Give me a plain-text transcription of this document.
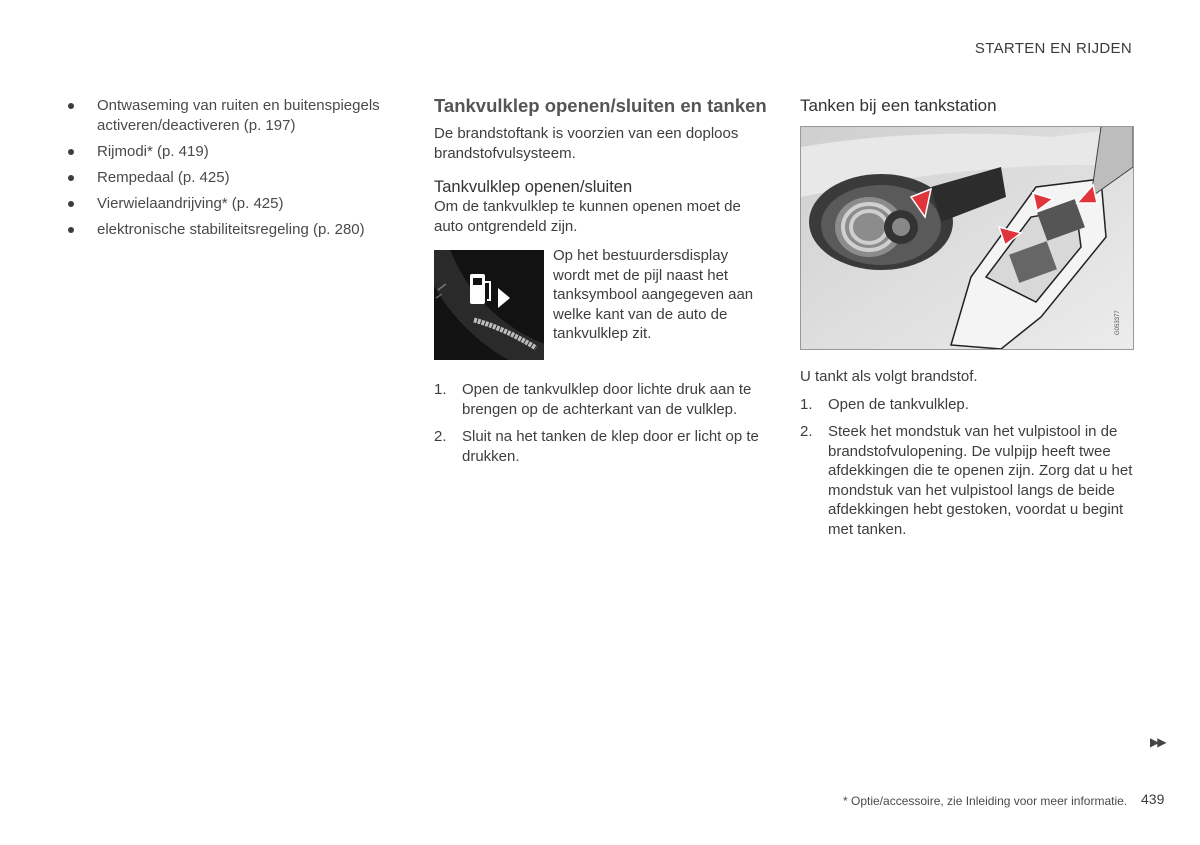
STARTEN EN RIJDEN
Ontwaseming van ruiten en buitenspiegels activeren/deactiveren (p. 197)
Rijmodi* (p. 419)
Rempedaal (p. 425)
Vierwielaandrijving* (p. 425)
elektronische stabiliteitsregeling (p. 280)
Tankvulklep openen/sluiten en tanken

De brandstoftank is voorzien van een doploos brandstofvulsysteem.

Tankvulklep openen/sluiten

Om de tankvulklep te kunnen openen moet de auto ontgrendeld zijn.

Op het bestuurdersdisplay wordt met de pijl naast het tanksymbool aangegeven aan welke kant van de auto de tankvulklep zit.
1. Open de tankvulklep door lichte druk aan te brengen op de achterkant van de vulklep.
2. Sluit na het tanken de klep door er licht op te drukken.
Tanken bij een tankstation
G053377
U tankt als volgt brandstof.
1. Open de tankvulklep.
2. Steek het mondstuk van het vulpistool in de brandstofvulopening. De vulpijp heeft twee afdekkingen die te openen zijn. Zorg dat u het mondstuk van het vulpistool langs de beide afdekkingen hebt gestoken, voordat u begint met tanken.
▶▶
* Optie/accessoire, zie Inleiding voor meer informatie. 439
